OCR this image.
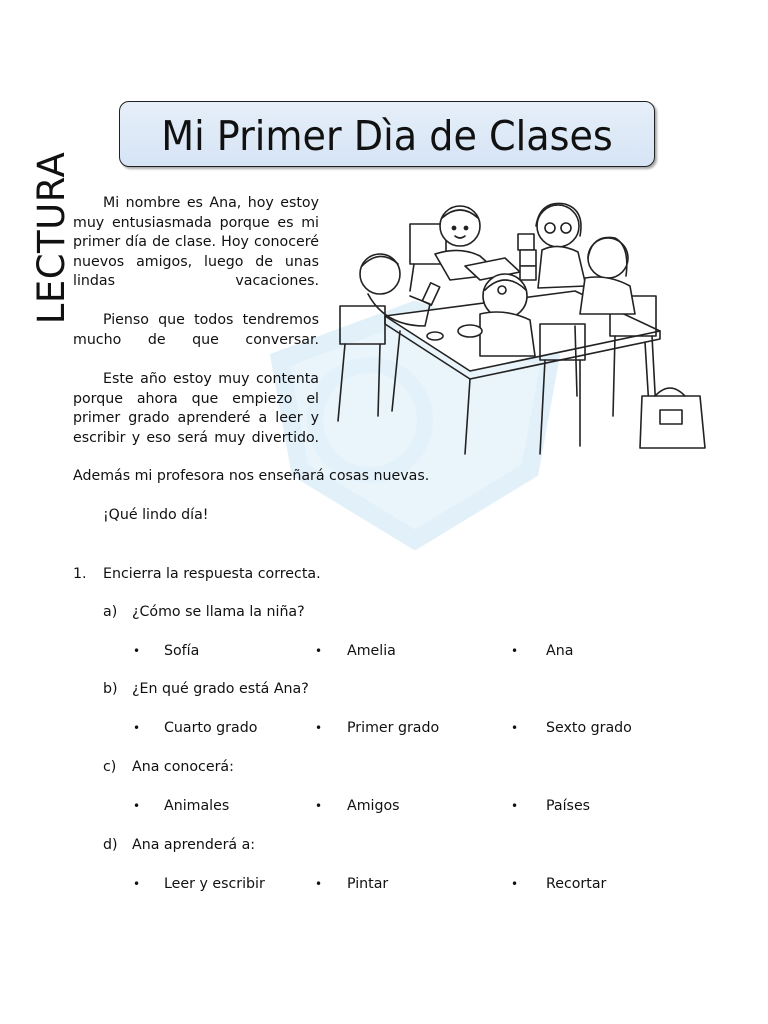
Mi Primer Dìa de Clases
LECTURA	Mi nombre es Ana, hoy estoy muy entusiasmada porque es mi primer día de clase. Hoy conoceré nuevos amigos, luego de unas lindas vacaciones.
Pienso que todos tendremos mucho de que conversar.
Este año estoy muy contenta porque ahora que empiezo el primer grado aprenderé a leer y escribir y eso será muy divertido.
Además mi profesora nos enseñará cosas nuevas.
¡Qué lindo día!
1. Encierra la respuesta correcta.
a) ¿Cómo se llama la niña?
• Sofía	• Amelia	• Ana
b) ¿En qué grado está Ana?
• Cuarto grado	• Primer grado	• Sexto grado
c) Ana conocerá:
• Animales	• Amigos	• Países
d) Ana aprenderá a:
• Leer y escribir	• Pintar	• Recortar
